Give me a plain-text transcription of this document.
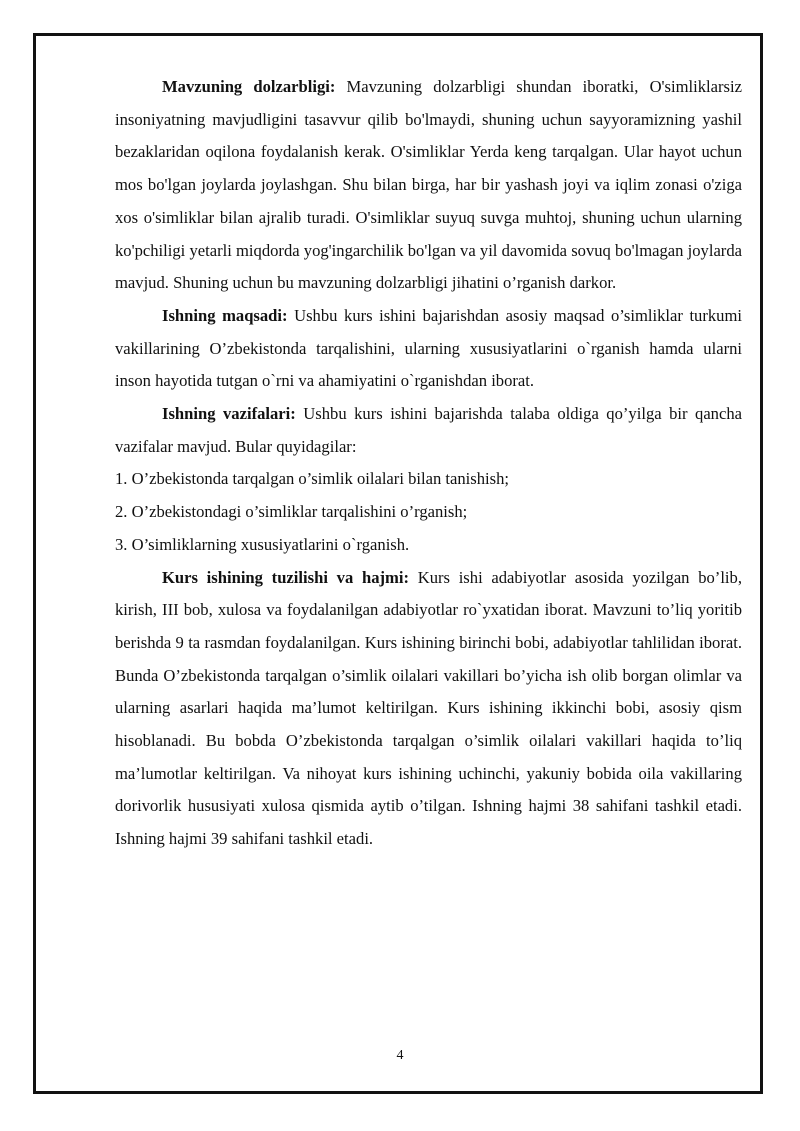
Mavzuning dolzarbligi: Mavzuning dolzarbligi shundan iboratki, O'simliklarsiz insoniyatning mavjudligini tasavvur qilib bo'lmaydi, shuning uchun sayyoramizning yashil bezaklaridan oqilona foydalanish kerak. O'simliklar Yerda keng tarqalgan. Ular hayot uchun mos bo'lgan joylarda joylashgan. Shu bilan birga, har bir yashash joyi va iqlim zonasi o'ziga xos o'simliklar bilan ajralib turadi. O'simliklar suyuq suvga muhtoj, shuning uchun ularning ko'pchiligi yetarli miqdorda yog'ingarchilik bo'lgan va yil davomida sovuq bo'lmagan joylarda mavjud. Shuning uchun bu mavzuning dolzarbligi jihatini o’rganish darkor.

Ishning maqsadi: Ushbu kurs ishini bajarishdan asosiy maqsad o’simliklar turkumi vakillarining O’zbekistonda tarqalishini, ularning xususiyatlarini o`rganish hamda ularni inson hayotida tutgan o`rni va ahamiyatini o`rganishdan iborat.

Ishning vazifalari: Ushbu kurs ishini bajarishda talaba oldiga qo’yilga bir qancha vazifalar mavjud. Bular quyidagilar:

1. O’zbekistonda tarqalgan o’simlik oilalari bilan tanishish;

2. O’zbekistondagi o’simliklar tarqalishini o’rganish;

3. O’simliklarning xususiyatlarini o`rganish.

Kurs ishining tuzilishi va hajmi: Kurs ishi adabiyotlar asosida yozilgan bo’lib, kirish, III bob, xulosa va foydalanilgan adabiyotlar ro`yxatidan iborat. Mavzuni to’liq yoritib berishda 9 ta rasmdan foydalanilgan. Kurs ishining birinchi bobi, adabiyotlar tahlilidan iborat. Bunda O’zbekistonda tarqalgan o’simlik oilalari vakillari bo’yicha ish olib borgan olimlar va ularning asarlari haqida ma’lumot keltirilgan. Kurs ishining ikkinchi bobi, asosiy qism hisoblanadi. Bu bobda O’zbekistonda tarqalgan o’simlik oilalari vakillari haqida to’liq ma’lumotlar keltirilgan. Va nihoyat kurs ishining uchinchi, yakuniy bobida oila vakillaring dorivorlik hususiyati xulosa qismida aytib o’tilgan. Ishning hajmi 38 sahifani tashkil etadi. Ishning hajmi 39 sahifani tashkil etadi.

4
